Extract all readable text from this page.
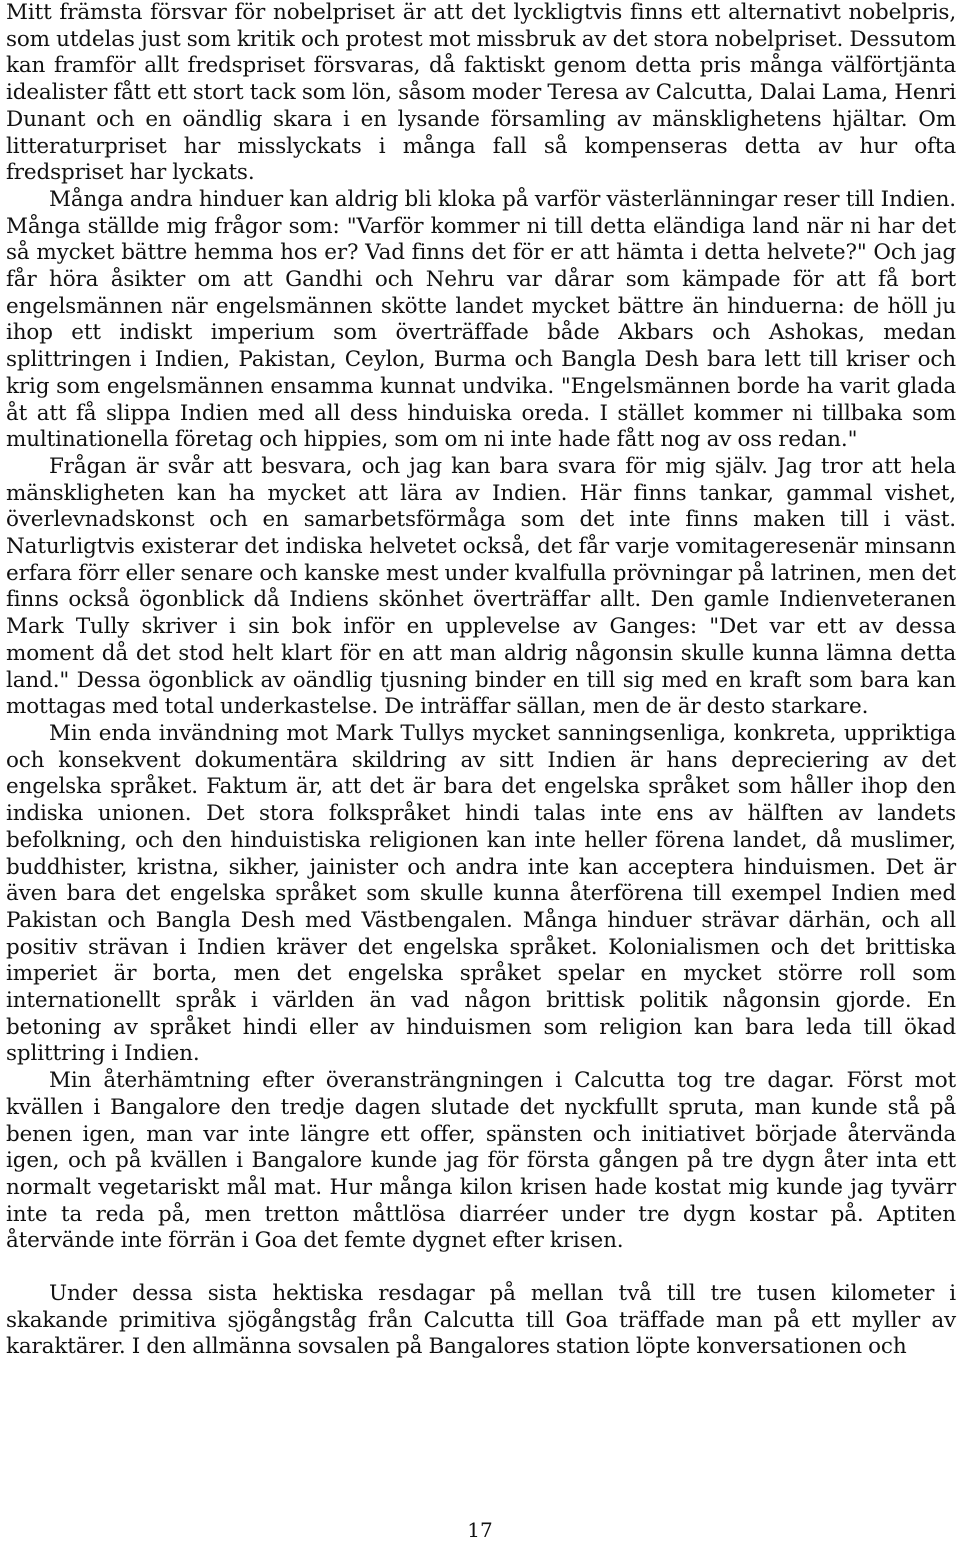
Mitt främsta försvar för nobelpriset är att det lyckligtvis finns ett alternativt nobelpris, som utdelas just som kritik och protest mot missbruk av det stora nobelpriset. Dessutom kan framför allt fredspriset försvaras, då faktiskt genom detta pris många välförtjänta idealister fått ett stort tack som lön, såsom moder Teresa av Calcutta, Dalai Lama, Henri Dunant och en oändlig skara i en lysande församling av mänsklighetens hjältar. Om litteraturpriset har misslyckats i många fall så kompenseras detta av hur ofta fredspriset har lyckats.

Många andra hinduer kan aldrig bli kloka på varför västerlänningar reser till Indien. Många ställde mig frågor som: "Varför kommer ni till detta eländiga land när ni har det så mycket bättre hemma hos er? Vad finns det för er att hämta i detta helvete?" Och jag får höra åsikter om att Gandhi och Nehru var dårar som kämpade för att få bort engelsmännen när engelsmännen skötte landet mycket bättre än hinduerna: de höll ju ihop ett indiskt imperium som överträffade både Akbars och Ashokas, medan splittringen i Indien, Pakistan, Ceylon, Burma och Bangla Desh bara lett till kriser och krig som engelsmännen ensamma kunnat undvika. "Engelsmännen borde ha varit glada åt att få slippa Indien med all dess hinduiska oreda. I stället kommer ni tillbaka som multinationella företag och hippies, som om ni inte hade fått nog av oss redan."

Frågan är svår att besvara, och jag kan bara svara för mig själv. Jag tror att hela mänskligheten kan ha mycket att lära av Indien. Här finns tankar, gammal vishet, överlevnadskonst och en samarbetsförmåga som det inte finns maken till i väst. Naturligtvis existerar det indiska helvetet också, det får varje vomitageresenär minsann erfara förr eller senare och kanske mest under kvalfulla prövningar på latrinen, men det finns också ögonblick då Indiens skönhet överträffar allt. Den gamle Indienveteranen Mark Tully skriver i sin bok inför en upplevelse av Ganges: "Det var ett av dessa moment då det stod helt klart för en att man aldrig någonsin skulle kunna lämna detta land." Dessa ögonblick av oändlig tjusning binder en till sig med en kraft som bara kan mottagas med total underkastelse. De inträffar sällan, men de är desto starkare.

Min enda invändning mot Mark Tullys mycket sanningsenliga, konkreta, uppriktiga och konsekvent dokumentära skildring av sitt Indien är hans depreciering av det engelska språket. Faktum är, att det är bara det engelska språket som håller ihop den indiska unionen. Det stora folkspråket hindi talas inte ens av hälften av landets befolkning, och den hinduistiska religionen kan inte heller förena landet, då muslimer, buddhister, kristna, sikher, jainister och andra inte kan acceptera hinduismen. Det är även bara det engelska språket som skulle kunna återförena till exempel Indien med Pakistan och Bangla Desh med Västbengalen. Många hinduer strävar därhän, och all positiv strävan i Indien kräver det engelska språket. Kolonialismen och det brittiska imperiet är borta, men det engelska språket spelar en mycket större roll som internationellt språk i världen än vad någon brittisk politik någonsin gjorde. En betoning av språket hindi eller av hinduismen som religion kan bara leda till ökad splittring i Indien.

Min återhämtning efter överansträngningen i Calcutta tog tre dagar. Först mot kvällen i Bangalore den tredje dagen slutade det nyckfullt spruta, man kunde stå på benen igen, man var inte längre ett offer, spänsten och initiativet började återvända igen, och på kvällen i Bangalore kunde jag för första gången på tre dygn åter inta ett normalt vegetariskt mål mat. Hur många kilon krisen hade kostat mig kunde jag tyvärr inte ta reda på, men tretton måttlösa diarréer under tre dygn kostar på. Aptiten återvände inte förrän i Goa det femte dygnet efter krisen.

Under dessa sista hektiska resdagar på mellan två till tre tusen kilometer i skakande primitiva sjögångståg från Calcutta till Goa träffade man på ett myller av karaktärer. I den allmänna sovsalen på Bangalores station löpte konversationen och

17
